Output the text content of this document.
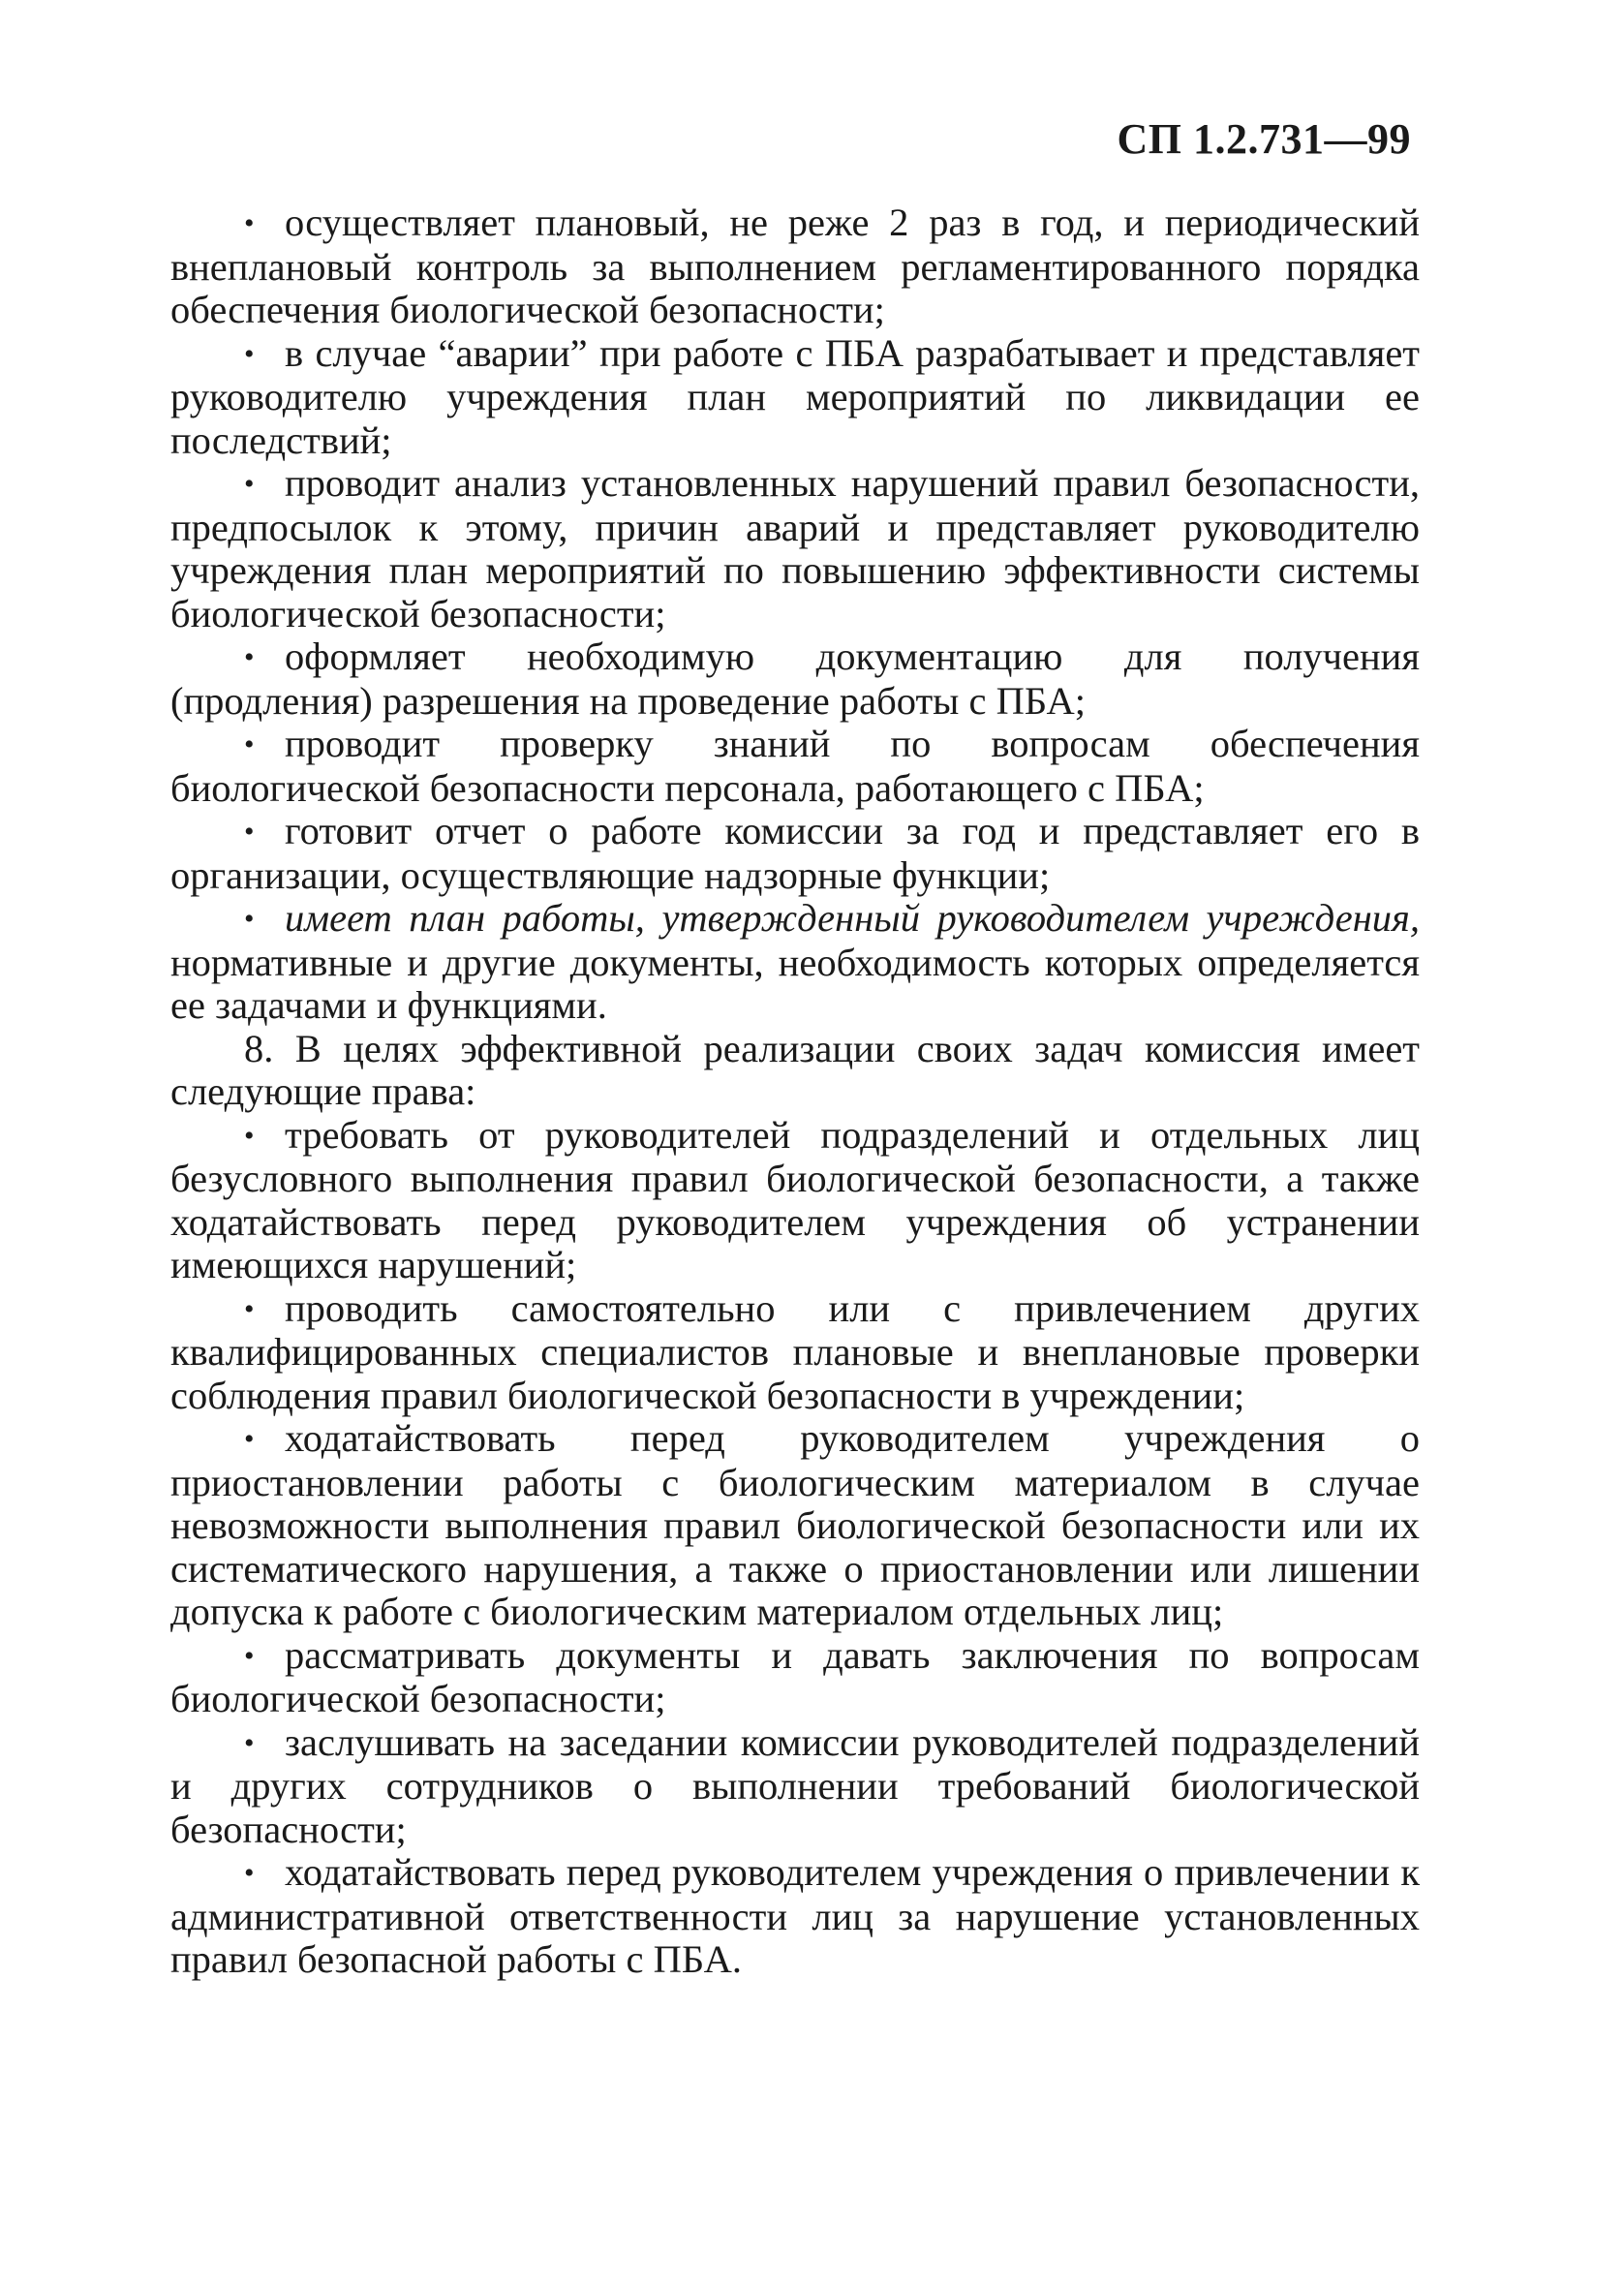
СП 1.2.731—99

• осуществляет плановый, не реже 2 раз в год, и периодический внеплановый контроль за выполнением регламентированного порядка обеспечения биологической безопасности;

• в случае “аварии” при работе с ПБА разрабатывает и представляет руководителю учреждения план мероприятий по ликвидации ее последствий;

• проводит анализ установленных нарушений правил безопасности, предпосылок к этому, причин аварий и представляет руководителю учреждения план мероприятий по повышению эффективности системы биологической безопасности;

• оформляет необходимую документацию для получения (продления) разрешения на проведение работы с ПБА;

• проводит проверку знаний по вопросам обеспечения биологической безопасности персонала, работающего с ПБА;

• готовит отчет о работе комиссии за год и представляет его в организации, осуществляющие надзорные функции;

• имеет план работы, утвержденный руководителем учреждения, нормативные и другие документы, необходимость которых определяется ее задачами и функциями.

8. В целях эффективной реализации своих задач комиссия имеет следующие права:

• требовать от руководителей подразделений и отдельных лиц безусловного выполнения правил биологической безопасности, а также ходатайствовать перед руководителем учреждения об устранении имеющихся нарушений;

• проводить самостоятельно или с привлечением других квалифицированных специалистов плановые и внеплановые проверки соблюдения правил биологической безопасности в учреждении;

• ходатайствовать перед руководителем учреждения о приостановлении работы с биологическим материалом в случае невозможности выполнения правил биологической безопасности или их систематического нарушения, а также о приостановлении или лишении допуска к работе с биологическим материалом отдельных лиц;

• рассматривать документы и давать заключения по вопросам биологической безопасности;

• заслушивать на заседании комиссии руководителей подразделений и других сотрудников о выполнении требований биологической безопасности;

• ходатайствовать перед руководителем учреждения о привлечении к административной ответственности лиц за нарушение установленных правил безопасной работы с ПБА.
